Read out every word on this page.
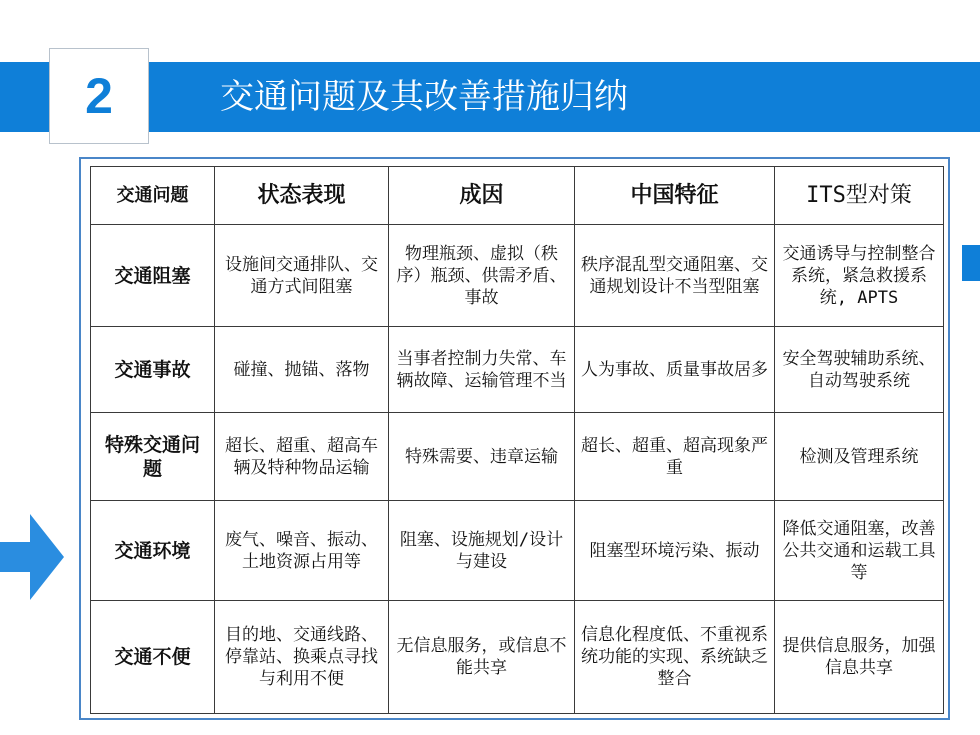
2	交通问题及其改善措施归纳
交通问题	状态表现	成因	中国特征	ITS型对策
交通阻塞	设施间交通排队、交通方式间阻塞	物理瓶颈、虚拟（秩序）瓶颈、供需矛盾、事故	秩序混乱型交通阻塞、交通规划设计不当型阻塞	交通诱导与控制整合系统，紧急救援系统, APTS
交通事故	碰撞、抛锚、落物	当事者控制力失常、车辆故障、运输管理不当	人为事故、质量事故居多	安全驾驶辅助系统、自动驾驶系统
特殊交通问题	超长、超重、超高车辆及特种物品运输	特殊需要、违章运输	超长、超重、超高现象严重	检测及管理系统
交通环境	废气、噪音、振动、土地资源占用等	阻塞、设施规划/设计与建设	阻塞型环境污染、振动	降低交通阻塞，改善公共交通和运载工具等
交通不便	目的地、交通线路、停靠站、换乘点寻找与利用不便	无信息服务，或信息不能共享	信息化程度低、不重视系统功能的实现、系统缺乏整合	提供信息服务，加强信息共享
